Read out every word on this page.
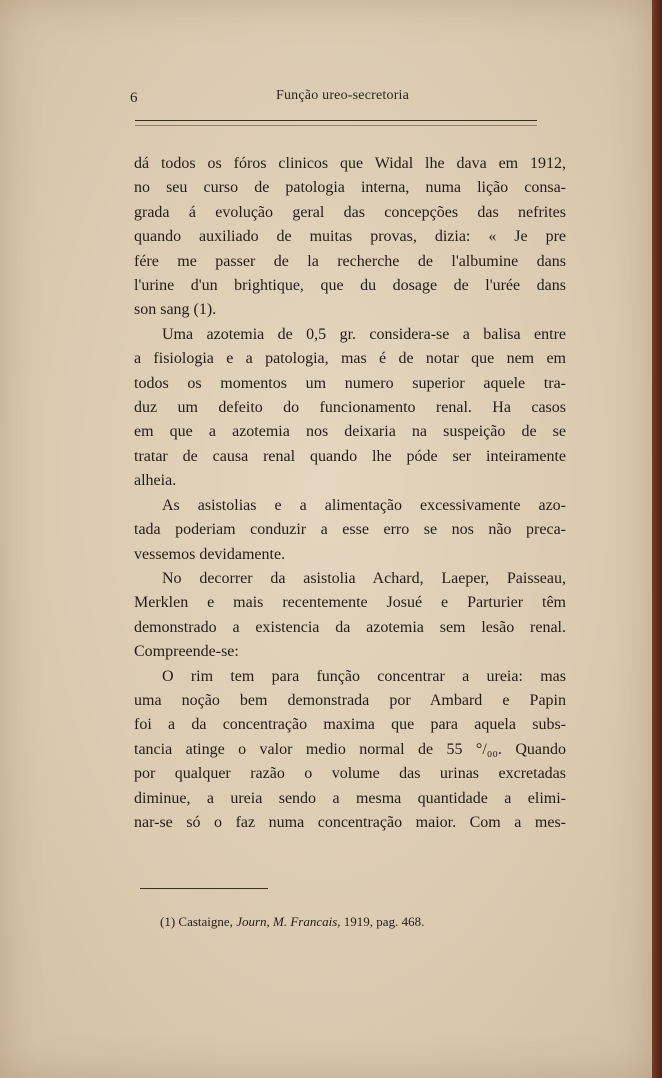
6	Função ureo-secretoria
dá todos os fóros clinicos que Widal lhe dava em 1912,
no seu curso de patologia interna, numa lição consa-
grada á evolução geral das concepções das nefrites
quando auxiliado de muitas provas, dizia: « Je pre
fére me passer de la recherche de l'albumine dans
l'urine d'un brightique, que du dosage de l'urée dans
son sang (1).
Uma azotemia de 0,5 gr. considera-se a balisa entre
a fisiologia e a patologia, mas é de notar que nem em
todos os momentos um numero superior aquele tra-
duz um defeito do funcionamento renal. Ha casos
em que a azotemia nos deixaria na suspeição de se
tratar de causa renal quando lhe póde ser inteiramente
alheia.
As asistolias e a alimentação excessivamente azo-
tada poderiam conduzir a esse erro se nos não preca-
vessemos devidamente.
No decorrer da asistolia Achard, Laeper, Paisseau,
Merklen e mais recentemente Josué e Parturier têm
demonstrado a existencia da azotemia sem lesão renal.
Compreende-se:
O rim tem para função concentrar a ureia: mas
uma noção bem demonstrada por Ambard e Papin
foi a da concentração maxima que para aquela subs-
tancia atinge o valor medio normal de 55 °/₀₀. Quando
por qualquer razão o volume das urinas excretadas
diminue, a ureia sendo a mesma quantidade a elimi-
nar-se só o faz numa concentração maior. Com a mes-
(1) Castaigne, Journ, M. Francais, 1919, pag. 468.
